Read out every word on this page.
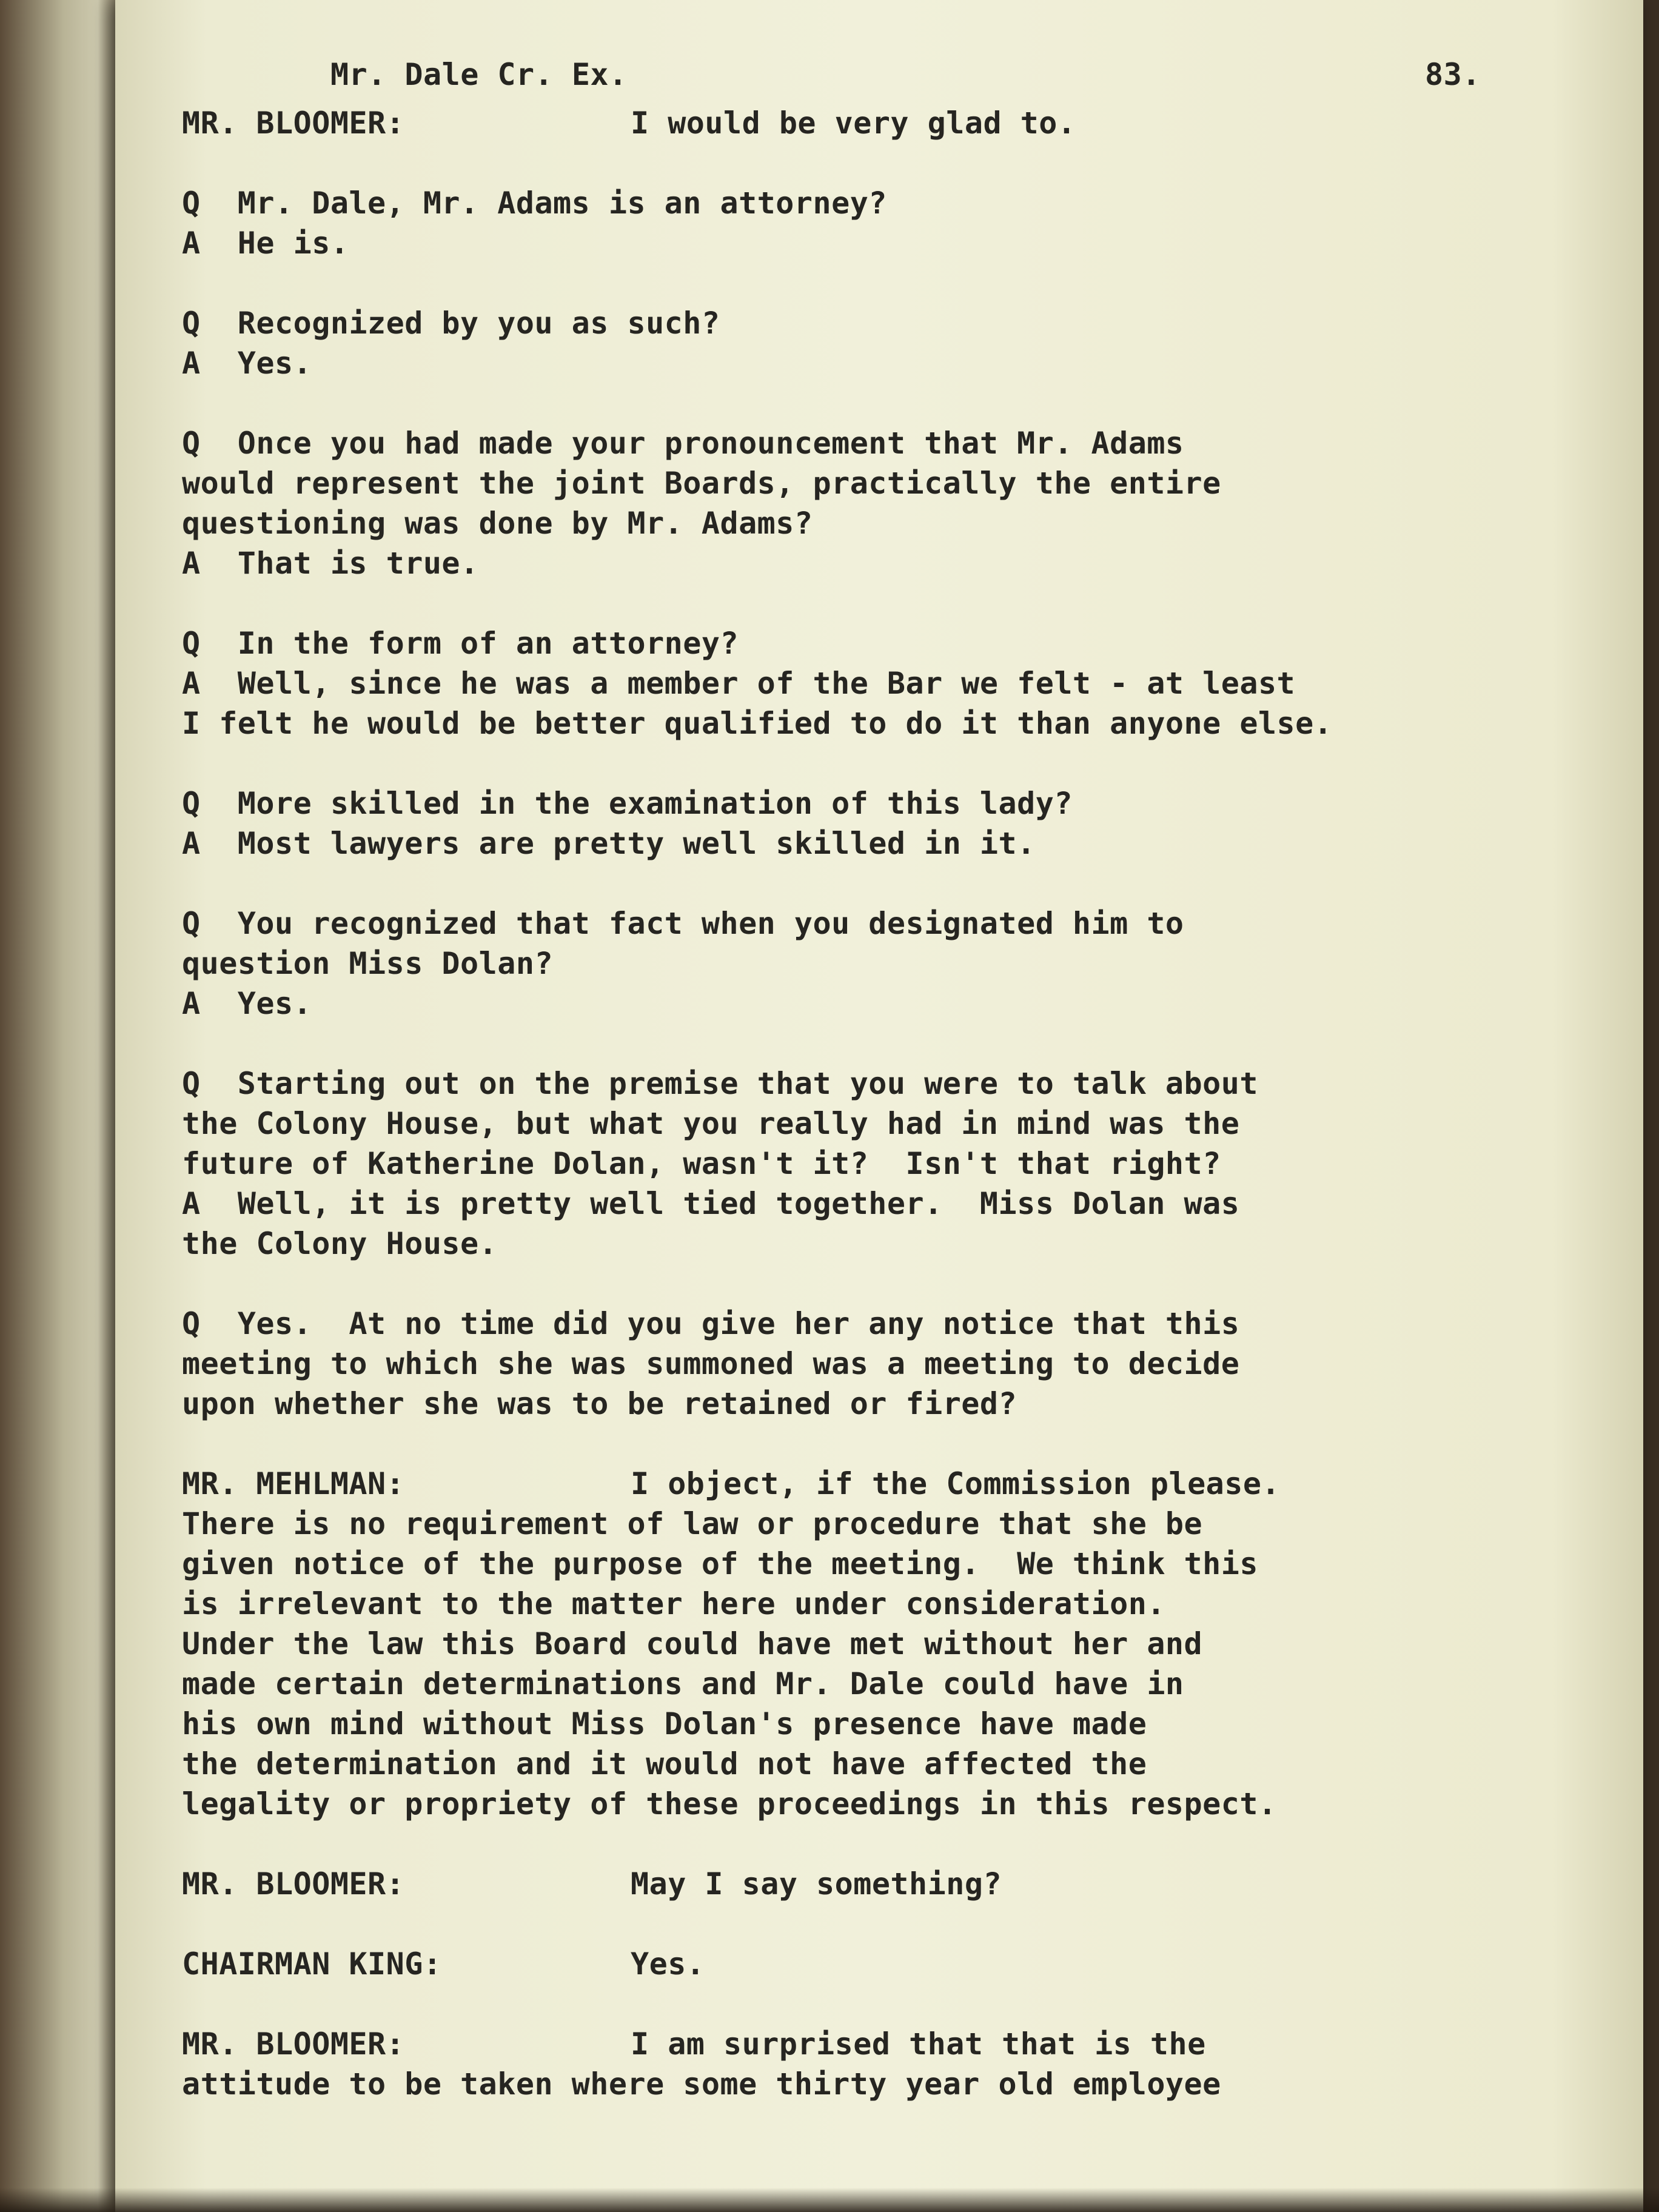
Mr. Dale Cr. Ex.	83.
MR. BLOOMER:	I would be very glad to.
Q  Mr. Dale, Mr. Adams is an attorney?
A  He is.
Q  Recognized by you as such?
A  Yes.
Q  Once you had made your pronouncement that Mr. Adams
would represent the joint Boards, practically the entire
questioning was done by Mr. Adams?
A  That is true.
Q  In the form of an attorney?
A  Well, since he was a member of the Bar we felt - at least
I felt he would be better qualified to do it than anyone else.
Q  More skilled in the examination of this lady?
A  Most lawyers are pretty well skilled in it.
Q  You recognized that fact when you designated him to
question Miss Dolan?
A  Yes.
Q  Starting out on the premise that you were to talk about
the Colony House, but what you really had in mind was the
future of Katherine Dolan, wasn't it?  Isn't that right?
A  Well, it is pretty well tied together.  Miss Dolan was
the Colony House.
Q  Yes.  At no time did you give her any notice that this
meeting to which she was summoned was a meeting to decide
upon whether she was to be retained or fired?
MR. MEHLMAN:	I object, if the Commission please.
There is no requirement of law or procedure that she be
given notice of the purpose of the meeting.  We think this
is irrelevant to the matter here under consideration.
Under the law this Board could have met without her and
made certain determinations and Mr. Dale could have in
his own mind without Miss Dolan's presence have made
the determination and it would not have affected the
legality or propriety of these proceedings in this respect.
MR. BLOOMER:	May I say something?
CHAIRMAN KING:	Yes.
MR. BLOOMER:	I am surprised that that is the
attitude to be taken where some thirty year old employee
